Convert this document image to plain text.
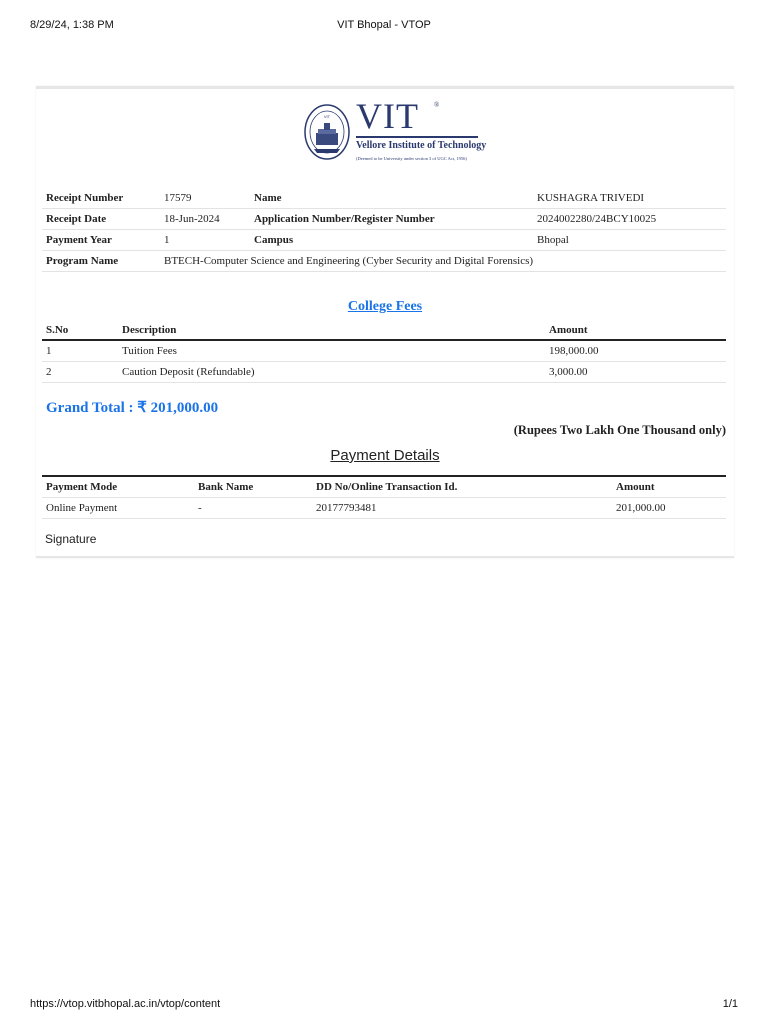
8/29/24, 1:38 PM	VIT Bhopal - VTOP
VIT VIT ®
Vellore Institute of Technology
(Deemed to be University under section 3 of UGC Act, 1956)
Receipt Number	17579	Name	KUSHAGRA TRIVEDI
Receipt Date	18-Jun-2024	Application Number/Register Number	2024002280/24BCY10025
Payment Year	1	Campus	Bhopal
Program Name	BTECH-Computer Science and Engineering (Cyber Security and Digital Forensics)		
College Fees
S.No	Description	Amount
1	Tuition Fees	198,000.00
2	Caution Deposit (Refundable)	3,000.00
Grand Total : ₹ 201,000.00
(Rupees Two Lakh One Thousand only)
Payment Details
Payment Mode	Bank Name	DD No/Online Transaction Id.	Amount
Online Payment	-	20177793481	201,000.00
Signature
https://vtop.vitbhopal.ac.in/vtop/content	1/1
